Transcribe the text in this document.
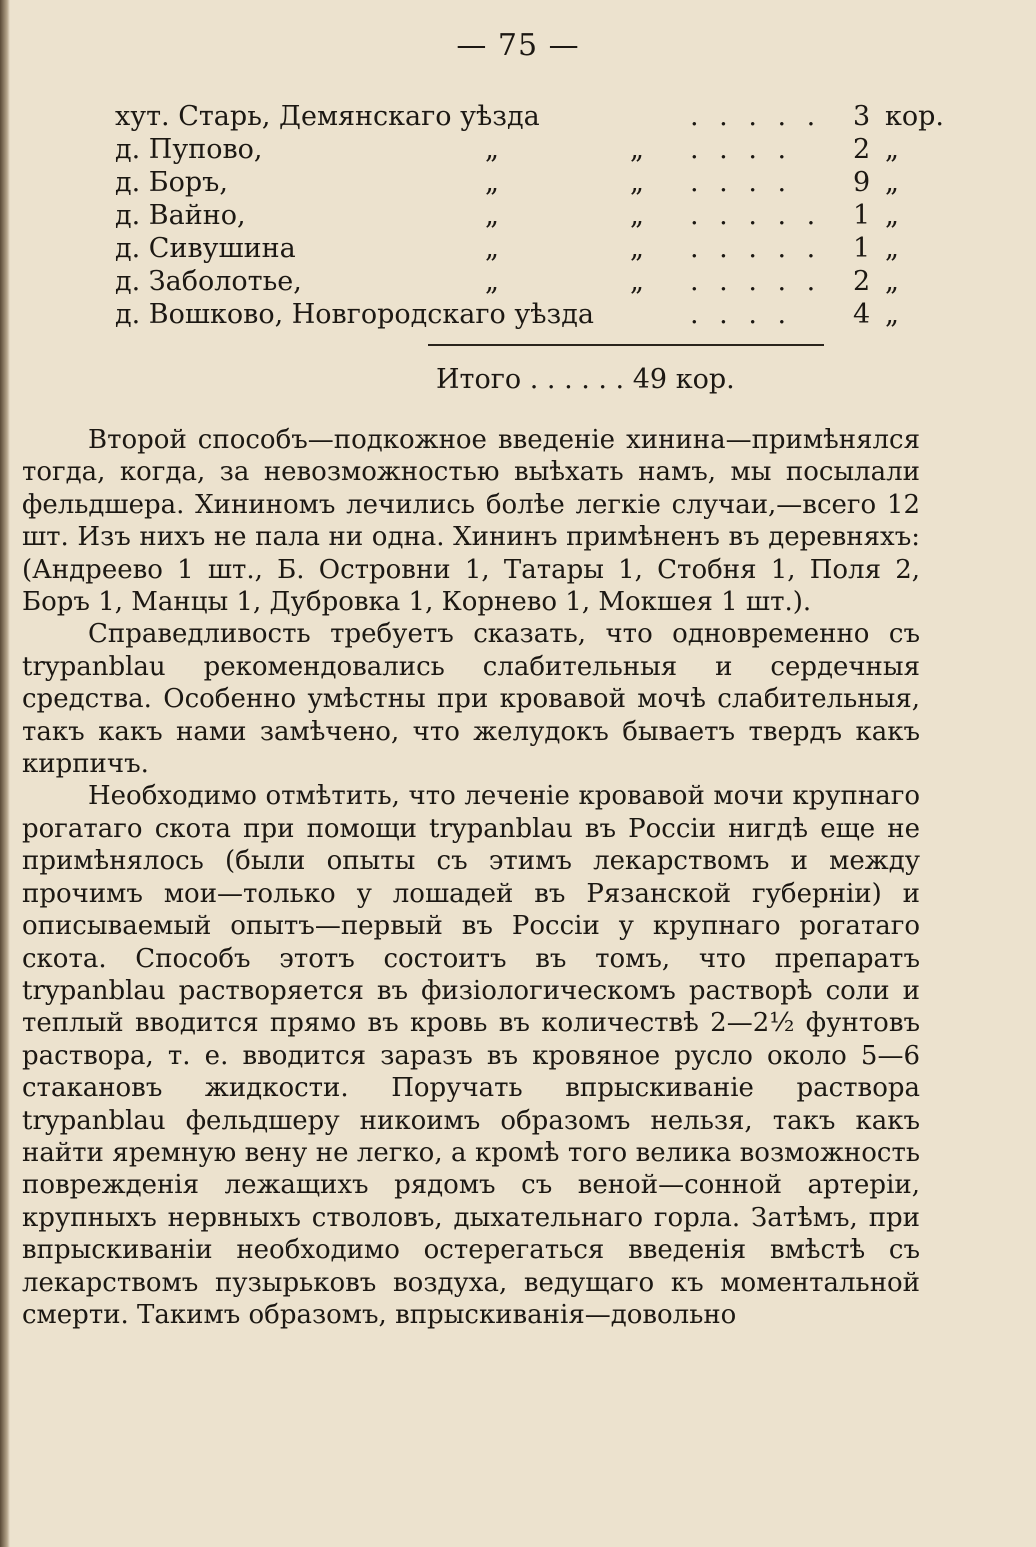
— 75 —
хут. Старь, Демянскаго уѣзда	. . . . . 3 кор.
д. Пупово,	„	„ . . . . 2 „
д. Боръ,	„	„ . . . . 9 „
д. Вайно,	„	„ . . . . . 1 „
д. Сивушина	„	„ . . . . . 1 „
д. Заболотье,	„	„ . . . . . 2 „
д. Вошково, Новгородскаго уѣзда	. . . . 4 „
Итого . . . . . . 49 кор.

Второй способъ—подкожное введеніе хинина—примѣнялся тогда, когда, за невозможностью выѣхать намъ, мы посылали фельдшера. Хининомъ лечились болѣе легкіе случаи,—всего 12 шт. Изъ нихъ не пала ни одна. Хининъ примѣненъ въ деревняхъ: (Андреево 1 шт., Б. Островни 1, Татары 1, Стобня 1, Поля 2, Боръ 1, Манцы 1, Дубровка 1, Корнево 1, Мокшея 1 шт.).

Справедливость требуетъ сказать, что одновременно съ trypanblau рекомендовались слабительныя и сердечныя средства. Особенно умѣстны при кровавой мочѣ слабительныя, такъ какъ нами замѣчено, что желудокъ бываетъ твердъ какъ кирпичъ.

Необходимо отмѣтить, что леченіе кровавой мочи крупнаго рогатаго скота при помощи trypanblau въ Россіи нигдѣ еще не примѣнялось (были опыты съ этимъ лекарствомъ и между прочимъ мои—только у лошадей въ Рязанской губерніи) и описываемый опытъ—первый въ Россіи у крупнаго рогатаго скота. Способъ этотъ состоитъ въ томъ, что препаратъ trypanblau растворяется въ физіологическомъ растворѣ соли и теплый вводится прямо въ кровь въ количествѣ 2—2½ фунтовъ раствора, т. е. вводится заразъ въ кровяное русло около 5—6 стакановъ жидкости. Поручать впрыскиваніе раствора trypanblau фельдшеру никоимъ образомъ нельзя, такъ какъ найти яремную вену не легко, а кромѣ того велика возможность поврежденія лежащихъ рядомъ съ веной—сонной артеріи, крупныхъ нервныхъ стволовъ, дыхательнаго горла. Затѣмъ, при впрыскиваніи необходимо остерегаться введенія вмѣстѣ съ лекарствомъ пузырьковъ воздуха, ведущаго къ моментальной смерти. Такимъ образомъ, впрыскиванія—довольно
